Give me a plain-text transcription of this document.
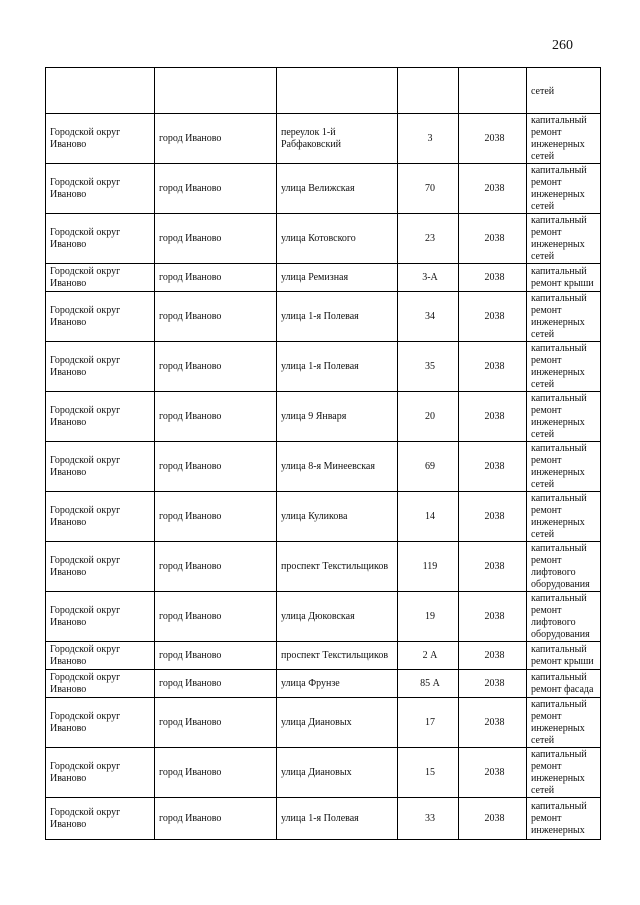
260
					сетей
Городской округ Иваново	город Иваново	переулок 1-й Рабфаковский	3	2038	капитальный ремонт инженерных сетей
Городской округ Иваново	город Иваново	улица Велижская	70	2038	капитальный ремонт инженерных сетей
Городской округ Иваново	город Иваново	улица Котовского	23	2038	капитальный ремонт инженерных сетей
Городской округ Иваново	город Иваново	улица Ремизная	3-А	2038	капитальный ремонт крыши
Городской округ Иваново	город Иваново	улица 1-я Полевая	34	2038	капитальный ремонт инженерных сетей
Городской округ Иваново	город Иваново	улица 1-я Полевая	35	2038	капитальный ремонт инженерных сетей
Городской округ Иваново	город Иваново	улица 9 Января	20	2038	капитальный ремонт инженерных сетей
Городской округ Иваново	город Иваново	улица 8-я Минеевская	69	2038	капитальный ремонт инженерных сетей
Городской округ Иваново	город Иваново	улица Куликова	14	2038	капитальный ремонт инженерных сетей
Городской округ Иваново	город Иваново	проспект Текстильщиков	119	2038	капитальный ремонт лифтового оборудования
Городской округ Иваново	город Иваново	улица Дюковская	19	2038	капитальный ремонт лифтового оборудования
Городской округ Иваново	город Иваново	проспект Текстильщиков	2 А	2038	капитальный ремонт крыши
Городской округ Иваново	город Иваново	улица Фрунзе	85 А	2038	капитальный ремонт фасада
Городской округ Иваново	город Иваново	улица Диановых	17	2038	капитальный ремонт инженерных сетей
Городской округ Иваново	город Иваново	улица Диановых	15	2038	капитальный ремонт инженерных сетей
Городской округ Иваново	город Иваново	улица 1-я Полевая	33	2038	капитальный ремонт инженерных
